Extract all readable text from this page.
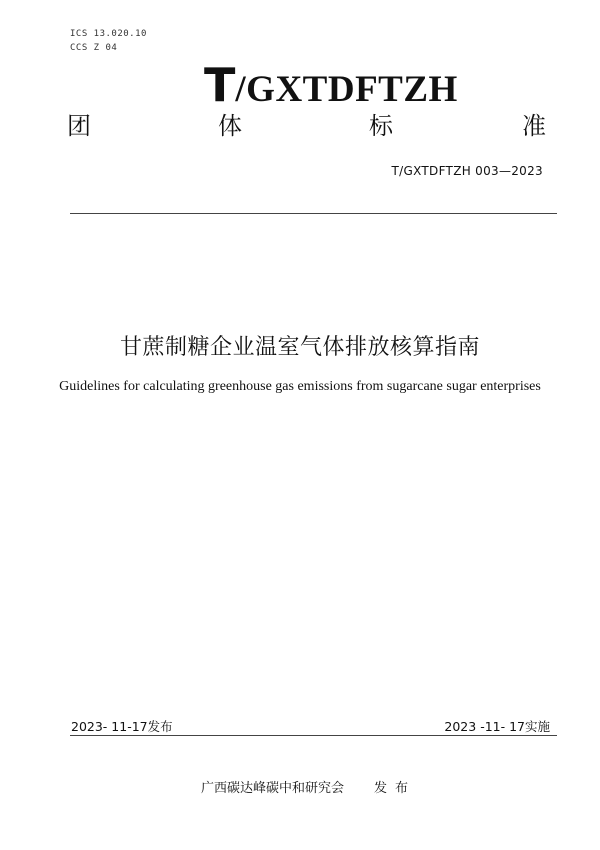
ICS 13.020.10
CCS Z 04
T/GXTDFTZH
团	体	标	准
T/GXTDFTZH 003—2023
甘蔗制糖企业温室气体排放核算指南
Guidelines for calculating greenhouse gas emissions from sugarcane sugar enterprises
2023- 11-17发布	2023 -11- 17实施
广西碳达峰碳中和研究会 发布
